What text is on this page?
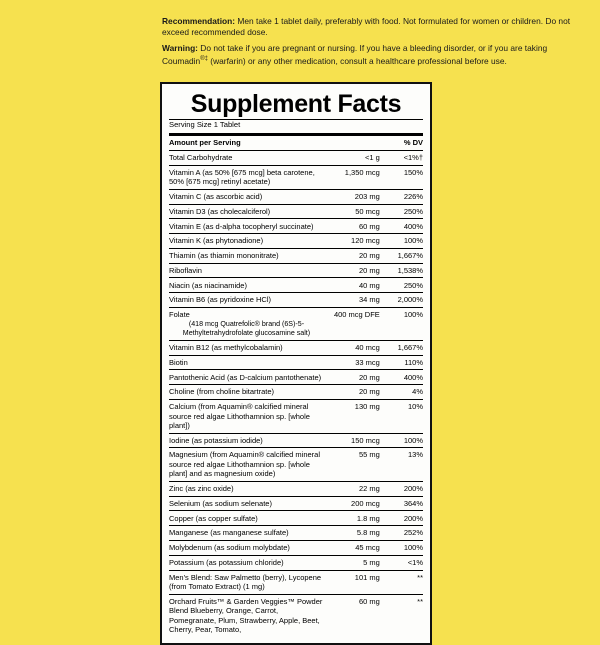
Recommendation: Men take 1 tablet daily, preferably with food. Not formulated for women or children. Do not exceed recommended dose.
Warning: Do not take if you are pregnant or nursing. If you have a bleeding disorder, or if you are taking Coumadin®‡ (warfarin) or any other medication, consult a healthcare professional before use.
Supplement Facts
Serving Size 1 Tablet
Amount per Serving		% DV
Total Carbohydrate	<1 g	<1%†
Vitamin A (as 50% [675 mcg] beta carotene, 50% [675 mcg] retinyl acetate)	1,350 mcg	150%
Vitamin C (as ascorbic acid)	203 mg	226%
Vitamin D3 (as cholecalciferol)	50 mcg	250%
Vitamin E (as d-alpha tocopheryl succinate)	60 mg	400%
Vitamin K (as phytonadione)	120 mcg	100%
Thiamin (as thiamin mononitrate)	20 mg	1,667%
Riboflavin	20 mg	1,538%
Niacin (as niacinamide)	40 mg	250%
Vitamin B6 (as pyridoxine HCl)	34 mg	2,000%
Folate
(418 mcg Quatrefolic® brand (6S)-5-Methyltetrahydrofolate glucosamine salt)	400 mcg DFE	100%
Vitamin B12 (as methylcobalamin)	40 mcg	1,667%
Biotin	33 mcg	110%
Pantothenic Acid (as D-calcium pantothenate)	20 mg	400%
Choline (from choline bitartrate)	20 mg	4%
Calcium (from Aquamin® calcified mineral source red algae Lithothamnion sp. [whole plant])	130 mg	10%
Iodine (as potassium iodide)	150 mcg	100%
Magnesium (from Aquamin® calcified mineral source red algae Lithothamnion sp. [whole plant] and as magnesium oxide)	55 mg	13%
Zinc (as zinc oxide)	22 mg	200%
Selenium (as sodium selenate)	200 mcg	364%
Copper (as copper sulfate)	1.8 mg	200%
Manganese (as manganese sulfate)	5.8 mg	252%
Molybdenum (as sodium molybdate)	45 mcg	100%
Potassium (as potassium chloride)	5 mg	<1%
Men's Blend: Saw Palmetto (berry), Lycopene (from Tomato Extract) (1 mg)	101 mg	**
Orchard Fruits™ & Garden Veggies™ Powder Blend Blueberry, Orange, Carrot, Pomegranate, Plum, Strawberry, Apple, Beet, Cherry, Pear, Tomato,	60 mg	**
